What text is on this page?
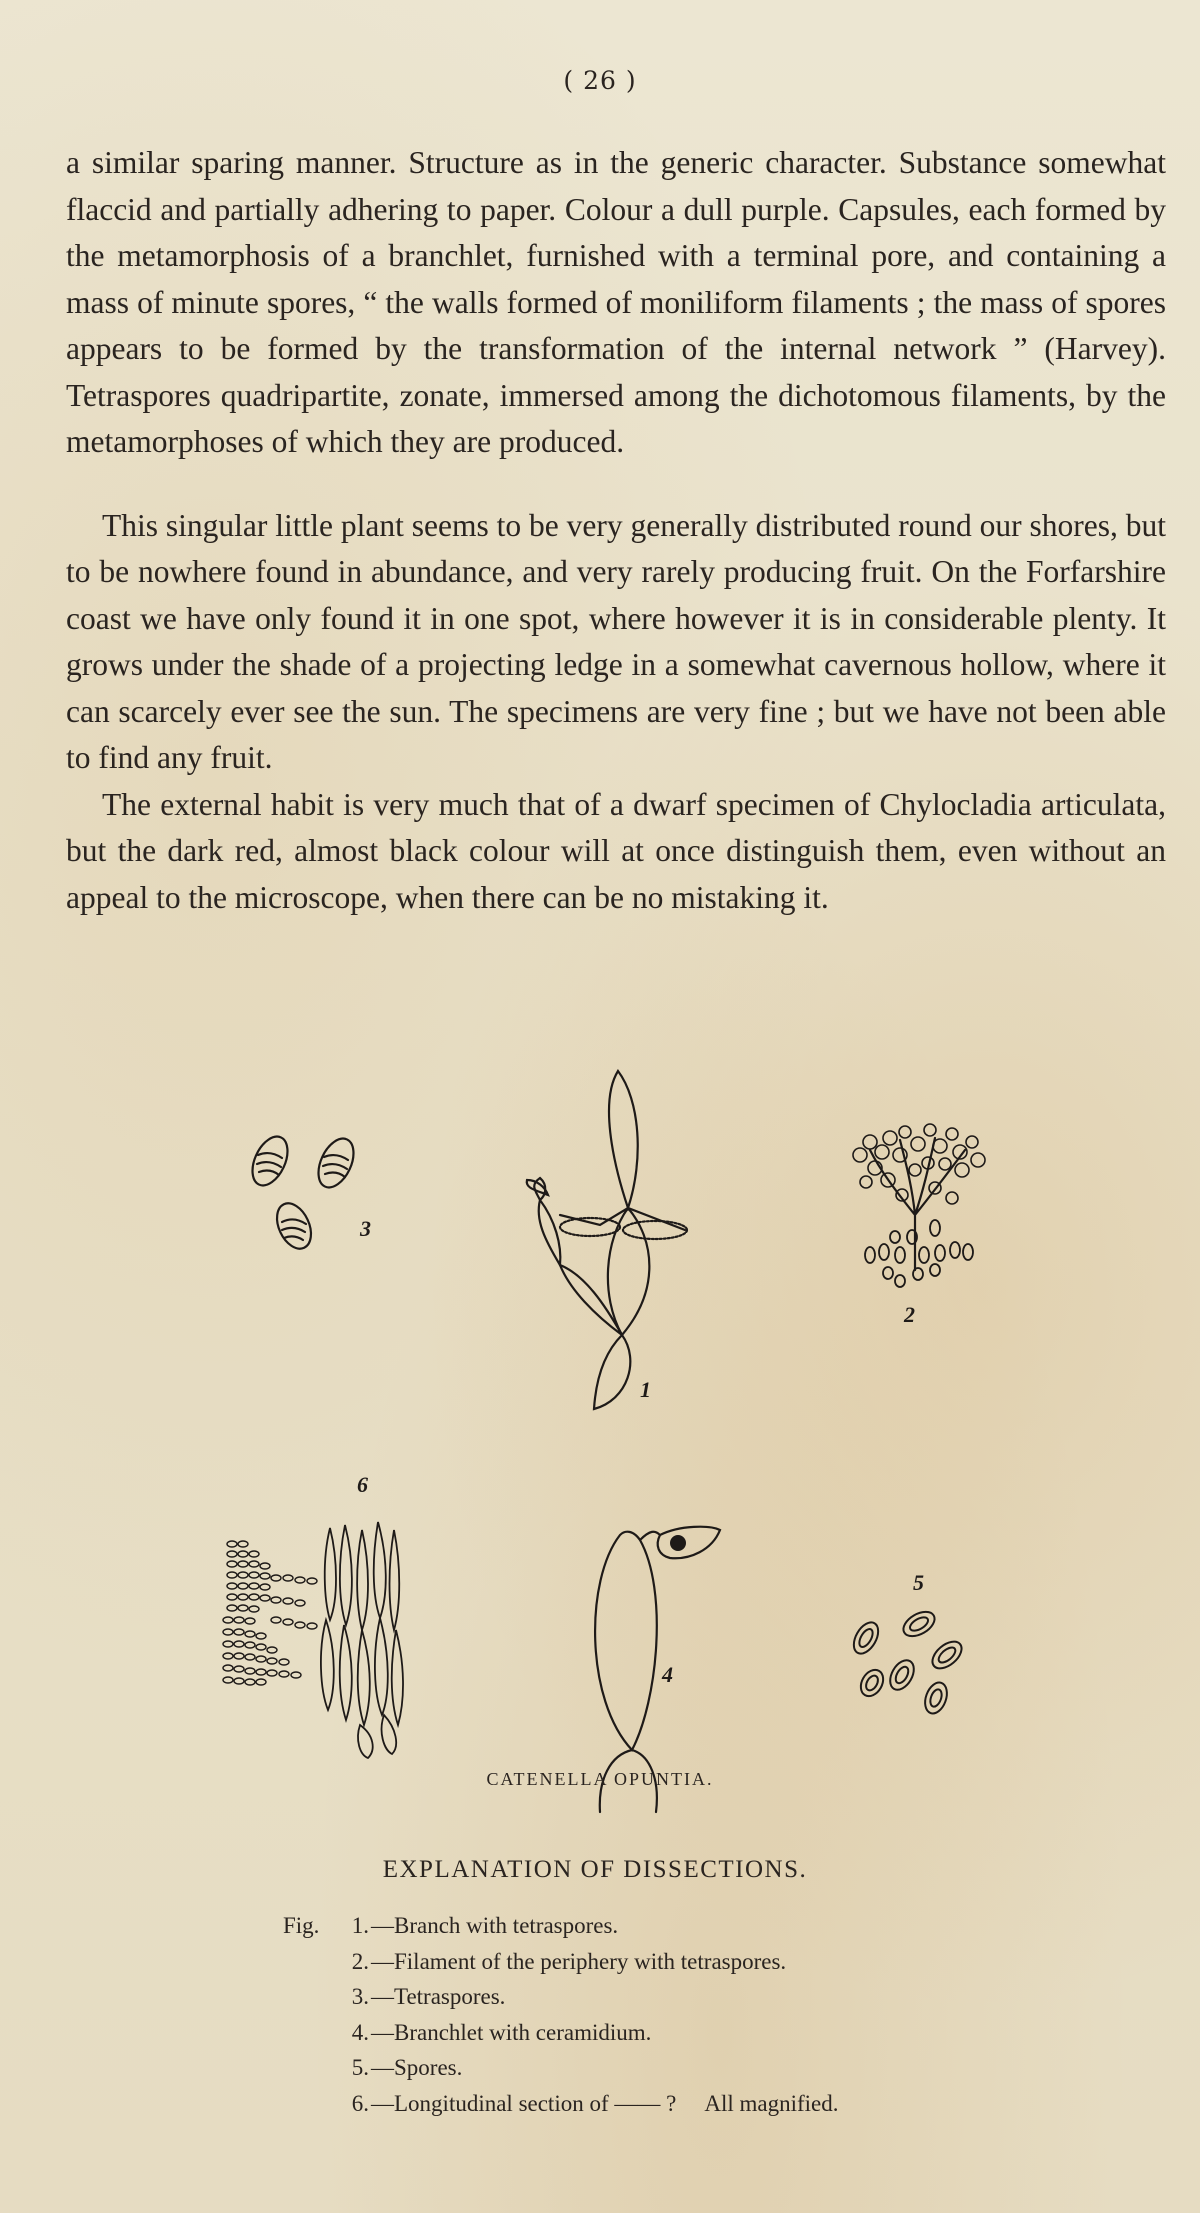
( 26 )

a similar sparing manner. Structure as in the generic character. Substance somewhat flaccid and partially adhering to paper. Colour a dull purple. Capsules, each formed by the metamorphosis of a branchlet, furnished with a terminal pore, and containing a mass of minute spores, “ the walls formed of moniliform filaments ; the mass of spores appears to be formed by the transformation of the internal network ” (Harvey). Tetraspores quadripartite, zonate, immersed among the dichotomous filaments, by the metamorphoses of which they are produced.

This singular little plant seems to be very generally distributed round our shores, but to be nowhere found in abundance, and very rarely producing fruit. On the Forfarshire coast we have only found it in one spot, where however it is in considerable plenty. It grows under the shade of a projecting ledge in a somewhat cavernous hollow, where it can scarcely ever see the sun. The specimens are very fine ; but we have not been able to find any fruit.

The external habit is very much that of a dwarf specimen of Chylocladia articulata, but the dark red, almost black colour will at once distinguish them, even without an appeal to the microscope, when there can be no mistaking it.

3
1
2
6
4
5
CATENELLA OPUNTIA.
EXPLANATION OF DISSECTIONS.
Fig.	1. —Branch with tetraspores.
2. —Filament of the periphery with tetraspores.
3. —Tetraspores.
4. —Branchlet with ceramidium.
5. —Spores.
6. —Longitudinal section of —— ?	All magnified.
